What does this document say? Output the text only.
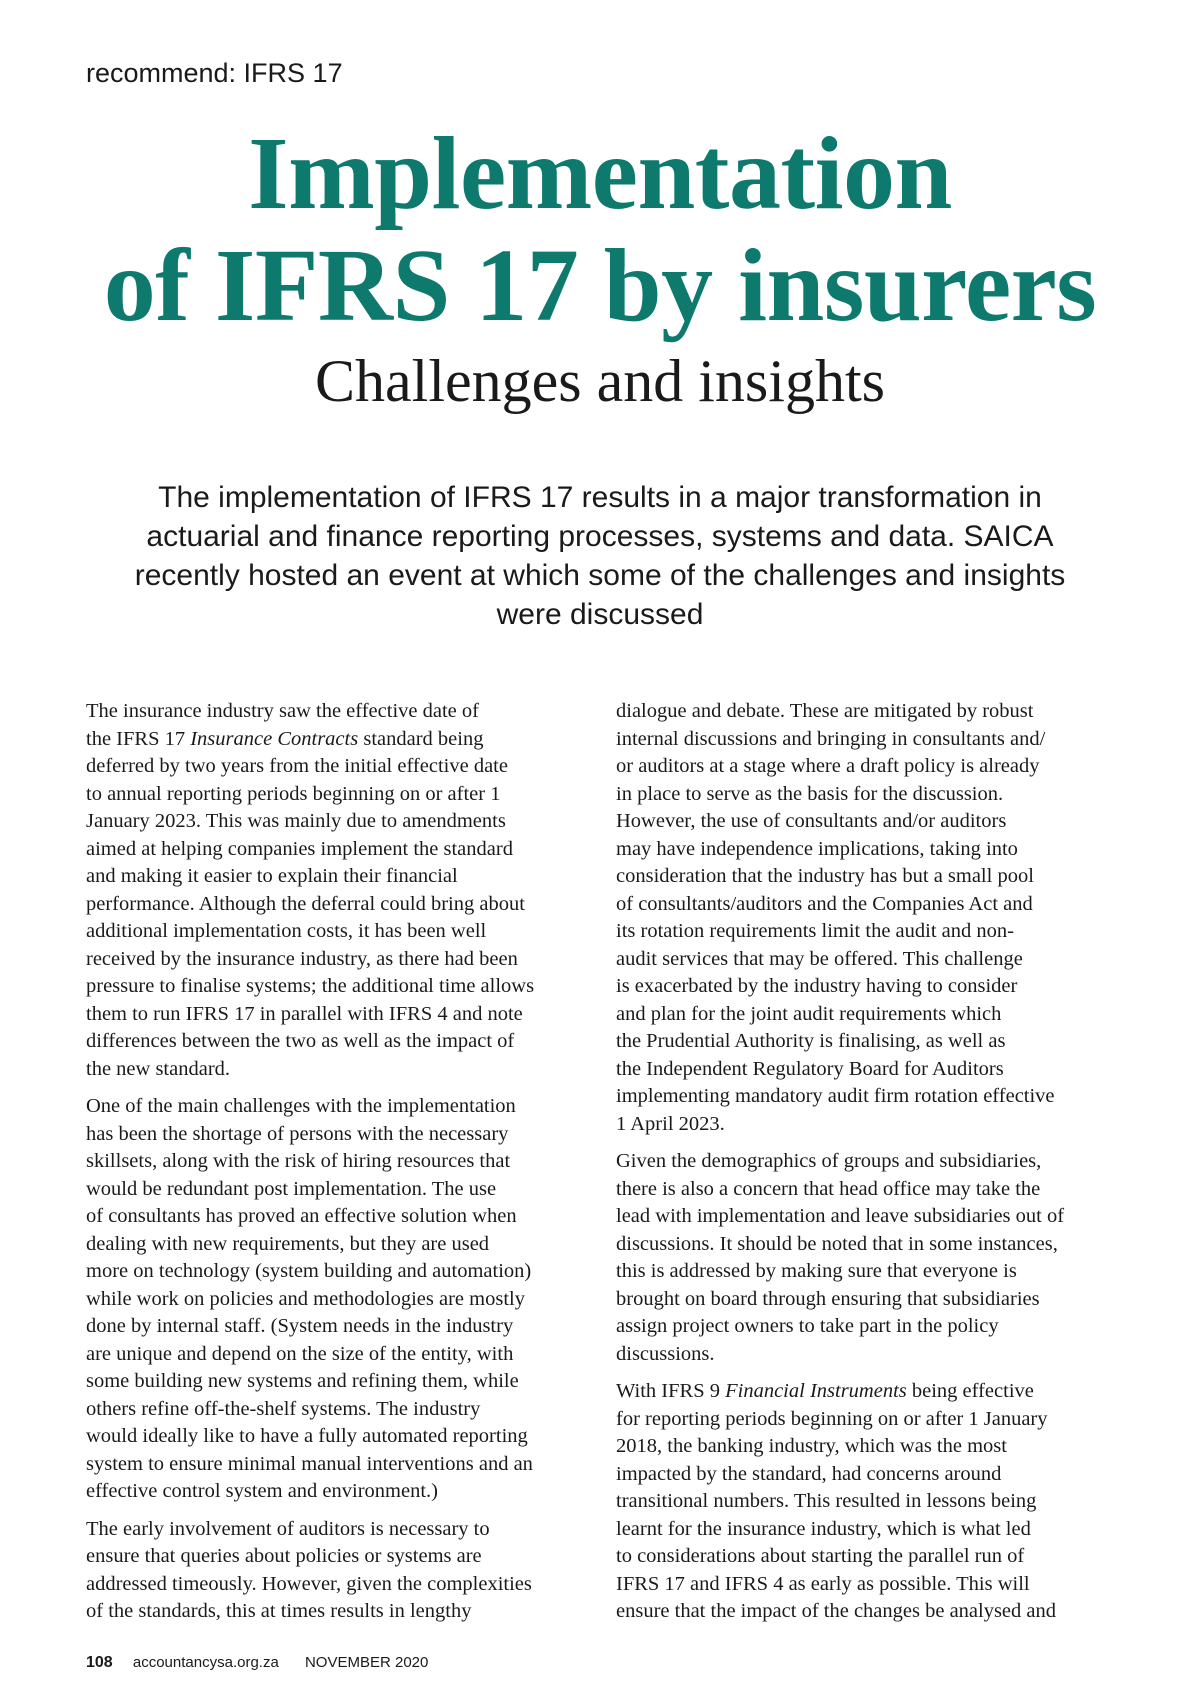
recommend: IFRS 17
Implementation
of IFRS 17 by insurers
Challenges and insights
The implementation of IFRS 17 results in a major transformation in
actuarial and finance reporting processes, systems and data. SAICA
recently hosted an event at which some of the challenges and insights
were discussed

The insurance industry saw the effective date of
the IFRS 17 Insurance Contracts standard being
deferred by two years from the initial effective date
to annual reporting periods beginning on or after 1
January 2023. This was mainly due to amendments
aimed at helping companies implement the standard
and making it easier to explain their financial
performance. Although the deferral could bring about
additional implementation costs, it has been well
received by the insurance industry, as there had been
pressure to finalise systems; the additional time allows
them to run IFRS 17 in parallel with IFRS 4 and note
differences between the two as well as the impact of
the new standard.

One of the main challenges with the implementation
has been the shortage of persons with the necessary
skillsets, along with the risk of hiring resources that
would be redundant post implementation. The use
of consultants has proved an effective solution when
dealing with new requirements, but they are used
more on technology (system building and automation)
while work on policies and methodologies are mostly
done by internal staff. (System needs in the industry
are unique and depend on the size of the entity, with
some building new systems and refining them, while
others refine off-the-shelf systems. The industry
would ideally like to have a fully automated reporting
system to ensure minimal manual interventions and an
effective control system and environment.)

The early involvement of auditors is necessary to
ensure that queries about policies or systems are
addressed timeously. However, given the complexities
of the standards, this at times results in lengthy

dialogue and debate. These are mitigated by robust
internal discussions and bringing in consultants and/
or auditors at a stage where a draft policy is already
in place to serve as the basis for the discussion.
However, the use of consultants and/or auditors
may have independence implications, taking into
consideration that the industry has but a small pool
of consultants/auditors and the Companies Act and
its rotation requirements limit the audit and non-
audit services that may be offered. This challenge
is exacerbated by the industry having to consider
and plan for the joint audit requirements which
the Prudential Authority is finalising, as well as
the Independent Regulatory Board for Auditors
implementing mandatory audit firm rotation effective
1 April 2023.

Given the demographics of groups and subsidiaries,
there is also a concern that head office may take the
lead with implementation and leave subsidiaries out of
discussions. It should be noted that in some instances,
this is addressed by making sure that everyone is
brought on board through ensuring that subsidiaries
assign project owners to take part in the policy
discussions.

With IFRS 9 Financial Instruments being effective
for reporting periods beginning on or after 1 January
2018, the banking industry, which was the most
impacted by the standard, had concerns around
transitional numbers. This resulted in lessons being
learnt for the insurance industry, which is what led
to considerations about starting the parallel run of
IFRS 17 and IFRS 4 as early as possible. This will
ensure that the impact of the changes be analysed and

108 accountancysa.org.za NOVEMBER 2020
